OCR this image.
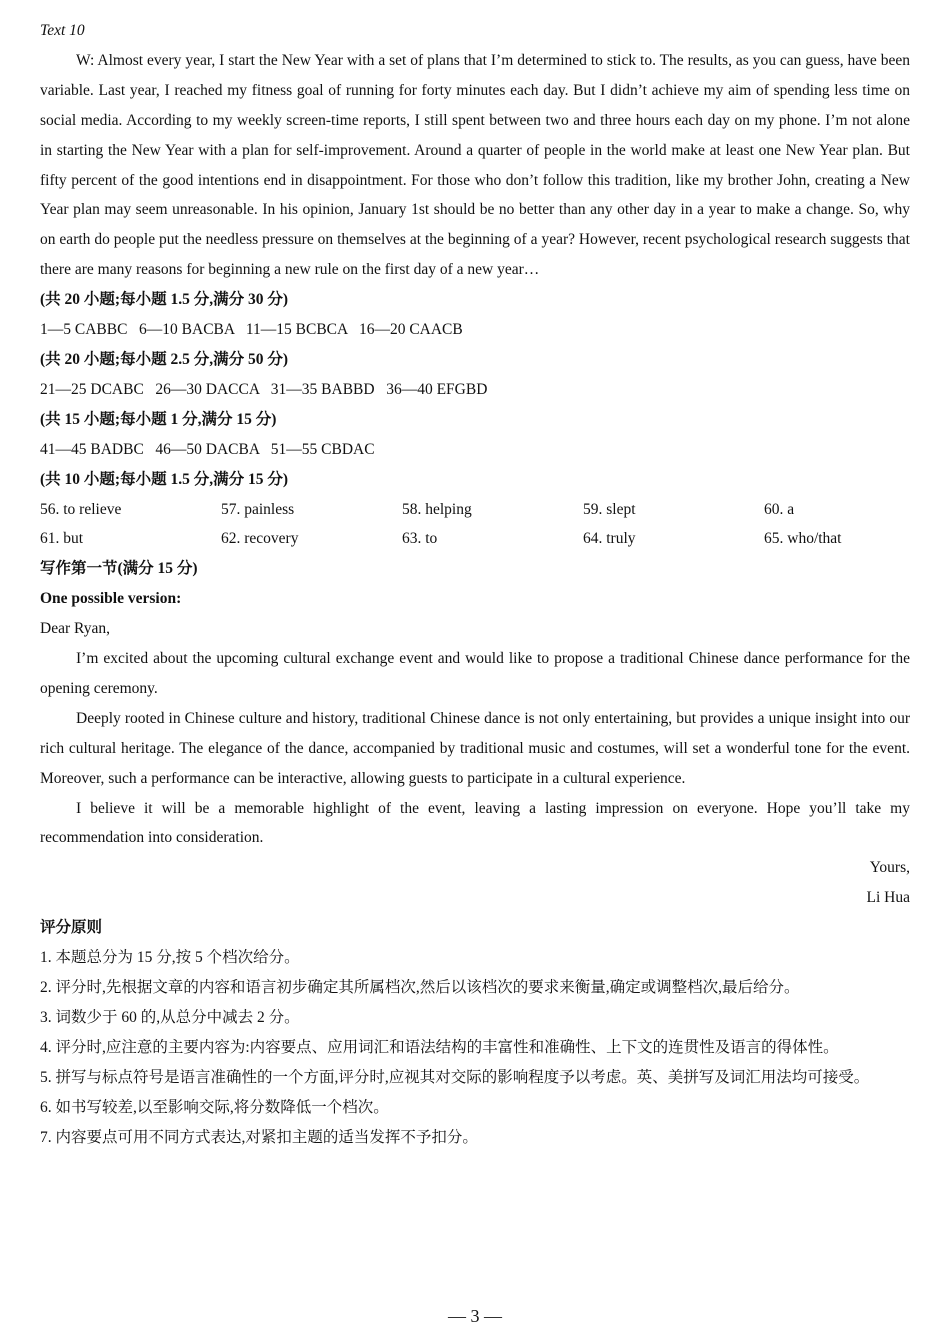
Text 10

W: Almost every year, I start the New Year with a set of plans that I’m determined to stick to. The results, as you can guess, have been variable. Last year, I reached my fitness goal of running for forty minutes each day. But I didn’t achieve my aim of spending less time on social media. According to my weekly screen-time reports, I still spent between two and three hours each day on my phone. I’m not alone in starting the New Year with a plan for self-improvement. Around a quarter of people in the world make at least one New Year plan. But fifty percent of the good intentions end in disappointment. For those who don’t follow this tradition, like my brother John, creating a New Year plan may seem unreasonable. In his opinion, January 1st should be no better than any other day in a year to make a change. So, why on earth do people put the needless pressure on themselves at the beginning of a year? However, recent psychological research suggests that there are many reasons for beginning a new rule on the first day of a new year…

(共 20 小题;每小题 1.5 分,满分 30 分)

1—5 CABBC   6—10 BACBA   11—15 BCBCA   16—20 CAACB

(共 20 小题;每小题 2.5 分,满分 50 分)

21—25 DCABC   26—30 DACCA   31—35 BABBD   36—40 EFGBD

(共 15 小题;每小题 1 分,满分 15 分)

41—45 BADBC   46—50 DACBA   51—55 CBDAC

(共 10 小题;每小题 1.5 分,满分 15 分)

56. to relieve	57. painless	58. helping	59. slept	60. a
61. but	62. recovery	63. to	64. truly	65. who/that

写作第一节(满分 15 分)

One possible version:

Dear Ryan,

I’m excited about the upcoming cultural exchange event and would like to propose a traditional Chinese dance performance for the opening ceremony.

Deeply rooted in Chinese culture and history, traditional Chinese dance is not only entertaining, but provides a unique insight into our rich cultural heritage. The elegance of the dance, accompanied by traditional music and costumes, will set a wonderful tone for the event. Moreover, such a performance can be interactive, allowing guests to participate in a cultural experience.

I believe it will be a memorable highlight of the event, leaving a lasting impression on everyone. Hope you’ll take my recommendation into consideration.

Yours,

Li Hua

评分原则

1. 本题总分为 15 分,按 5 个档次给分。

2. 评分时,先根据文章的内容和语言初步确定其所属档次,然后以该档次的要求来衡量,确定或调整档次,最后给分。

3. 词数少于 60 的,从总分中减去 2 分。

4. 评分时,应注意的主要内容为:内容要点、应用词汇和语法结构的丰富性和准确性、上下文的连贯性及语言的得体性。

5. 拼写与标点符号是语言准确性的一个方面,评分时,应视其对交际的影响程度予以考虑。英、美拼写及词汇用法均可接受。

6. 如书写较差,以至影响交际,将分数降低一个档次。

7. 内容要点可用不同方式表达,对紧扣主题的适当发挥不予扣分。

— 3 —
